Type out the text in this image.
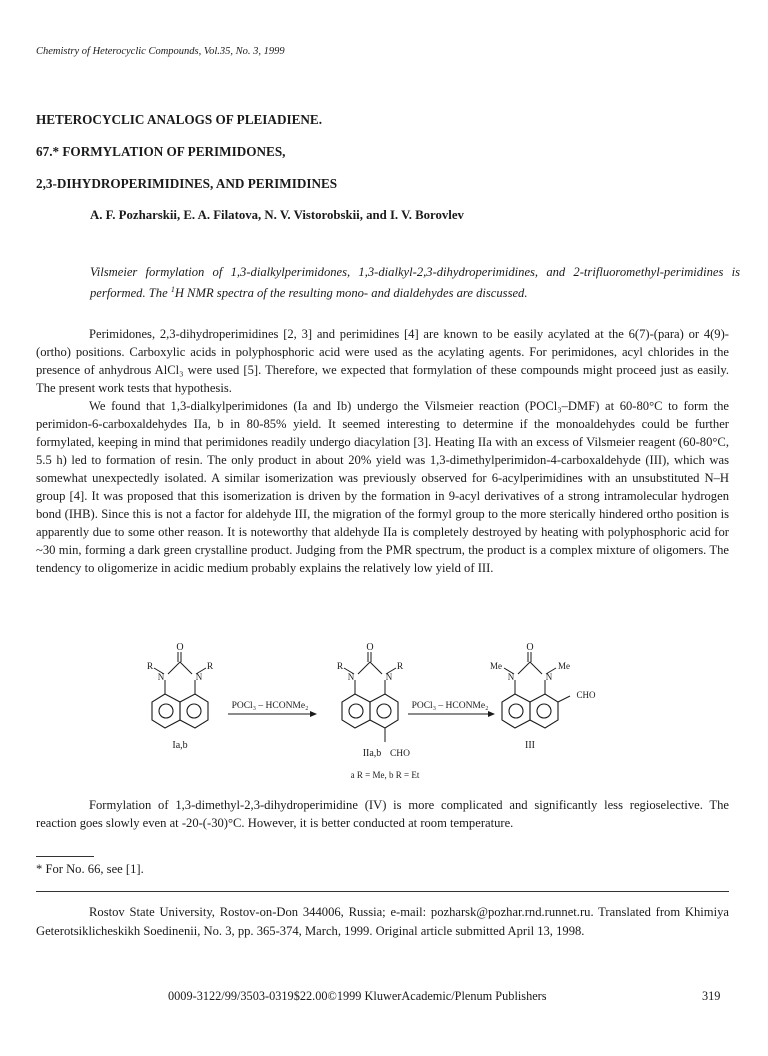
Chemistry of Heterocyclic Compounds, Vol.35, No. 3, 1999
HETEROCYCLIC ANALOGS OF PLEIADIENE.
67.* FORMYLATION OF PERIMIDONES,
2,3-DIHYDROPERIMIDINES, AND PERIMIDINES
A. F. Pozharskii, E. A. Filatova, N. V. Vistorobskii, and I. V. Borovlev
Vilsmeier formylation of 1,3-dialkylperimidones, 1,3-dialkyl-2,3-dihydroperimidines, and 2-trifluoromethyl-perimidines is performed. The $^1$H NMR spectra of the resulting mono- and dialdehydes are discussed.

Perimidones, 2,3-dihydroperimidines [2, 3] and perimidines [4] are known to be easily acylated at the 6(7)-(para) or 4(9)-(ortho) positions. Carboxylic acids in polyphosphoric acid were used as the acylating agents. For perimidones, acyl chlorides in the presence of anhydrous AlCl₃ were used [5]. Therefore, we expected that formylation of these compounds might proceed just as easily. The present work tests that hypothesis.

We found that 1,3-dialkylperimidones (Ia and Ib) undergo the Vilsmeier reaction (POCl₃–DMF) at 60-80°C to form the perimidon-6-carboxaldehydes IIa, b in 80-85% yield. It seemed interesting to determine if the monoaldehydes could be further formylated, keeping in mind that perimidones readily undergo diacylation [3]. Heating IIa with an excess of Vilsmeier reagent (60-80°C, 5.5 h) led to formation of resin. The only product in about 20% yield was 1,3-dimethylperimidon-4-carboxaldehyde (III), which was somewhat unexpectedly isolated. A similar isomerization was previously observed for 6-acylperimidines with an unsubstituted N–H group [4]. It was proposed that this isomerization is driven by the formation in 9-acyl derivatives of a strong intramolecular hydrogen bond (IHB). Since this is not a factor for aldehyde III, the migration of the formyl group to the more sterically hindered ortho position is apparently due to some other reason. It is noteworthy that aldehyde IIa is completely destroyed by heating with polyphosphoric acid for ~30 min, forming a dark green crystalline product. Judging from the PMR spectrum, the product is a complex mixture of oligomers. The tendency to oligomerize in acidic medium probably explains the relatively low yield of III.

O
N	N
R	R
Ia,b
POCl₃ – HCONMe₂
O
N	N
R	R
IIa,b CHO
POCl₃ – HCONMe₂
O
N	N
Me	Me
CHO
III
a R = Me, b R = Et

Formylation of 1,3-dimethyl-2,3-dihydroperimidine (IV) is more complicated and significantly less regioselective. The reaction goes slowly even at -20-(-30)°C. However, it is better conducted at room temperature.

* For No. 66, see [1].

Rostov State University, Rostov-on-Don 344006, Russia; e-mail: pozharsk@pozhar.rnd.runnet.ru. Translated from Khimiya Geterotsiklicheskikh Soedinenii, No. 3, pp. 365-374, March, 1999. Original article submitted April 13, 1998.

0009-3122/99/3503-0319$22.00©1999 KluwerAcademic/Plenum Publishers	319
